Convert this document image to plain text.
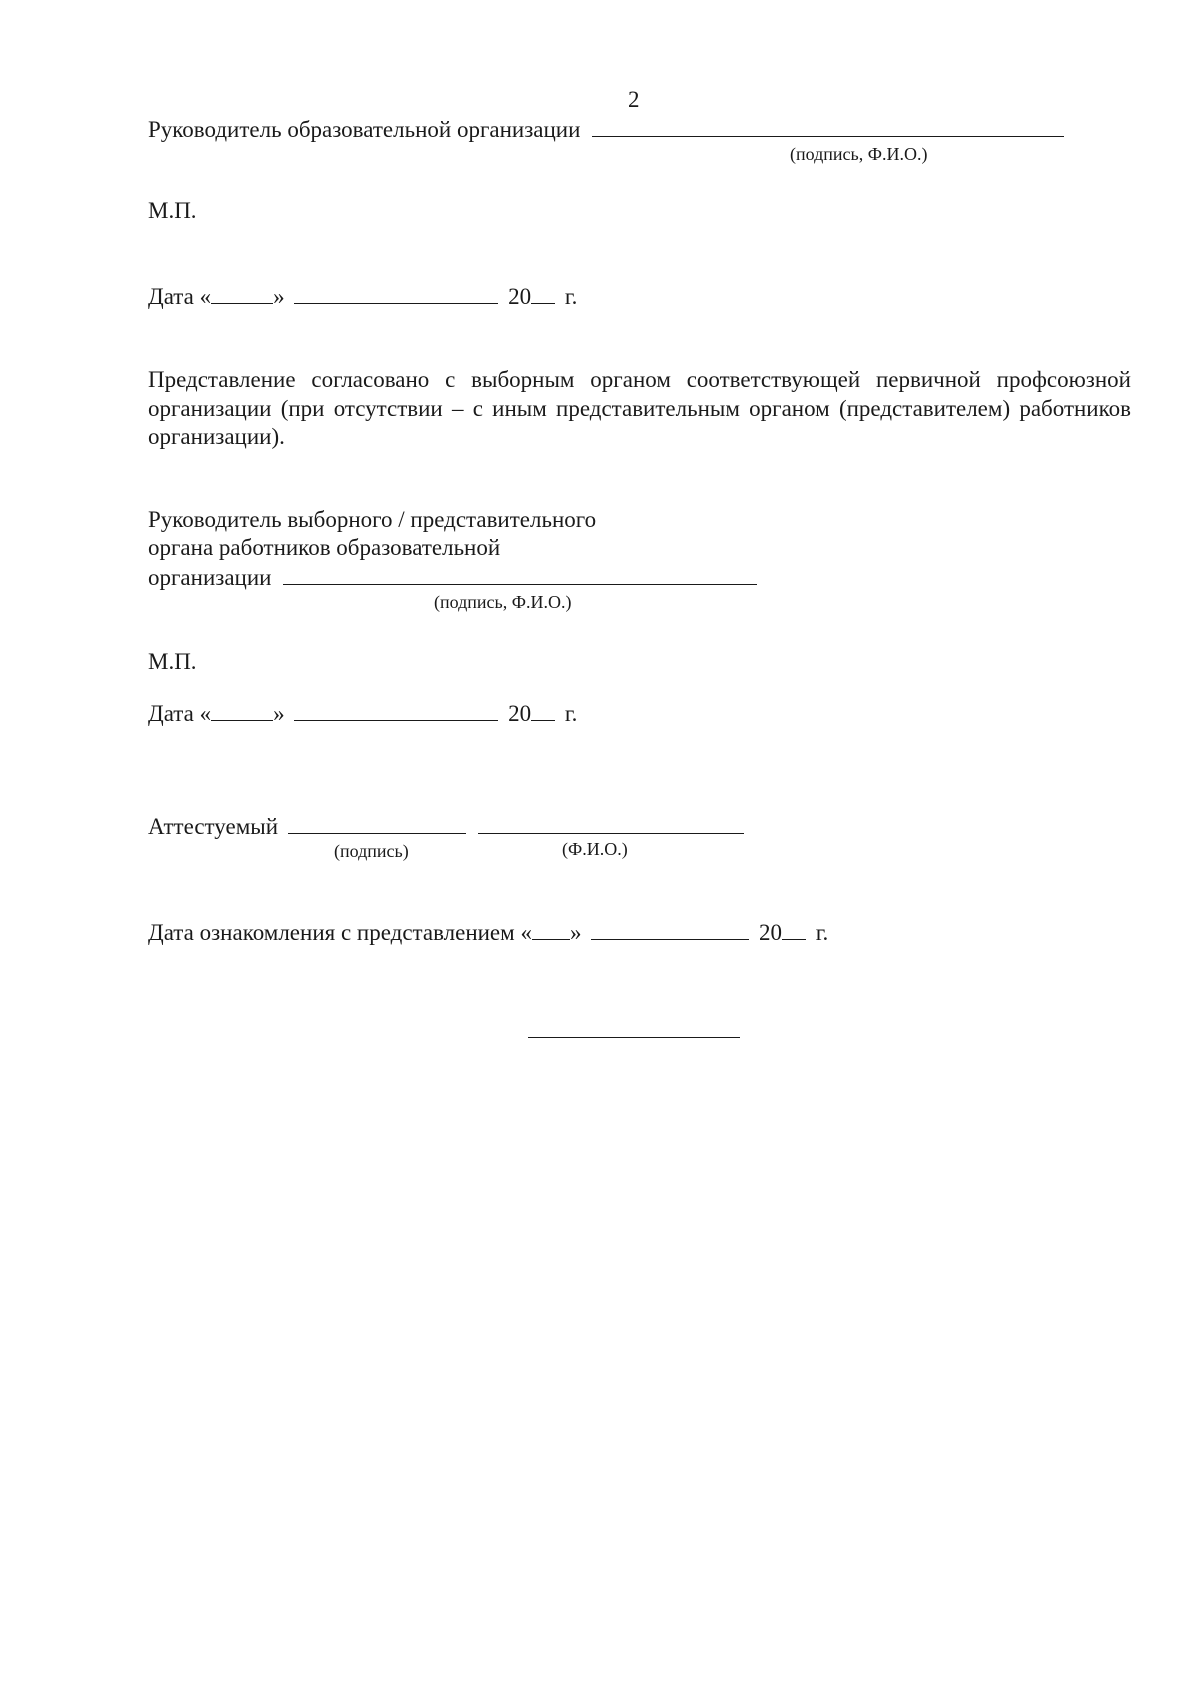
2
Руководитель образовательной организации
(подпись, Ф.И.О.)
М.П.
Дата «	»	20 г.
Представление согласовано с выборным органом соответствующей первичной профсоюзной организации (при отсутствии – с иным представительным органом (представителем) работников организации).
Руководитель выборного / представительного
органа работников образовательной
организации
(подпись, Ф.И.О.)
М.П.
Дата «	»	20 г.
Аттестуемый
(подпись)	(Ф.И.О.)
Дата ознакомления с представлением « »	20 г.
